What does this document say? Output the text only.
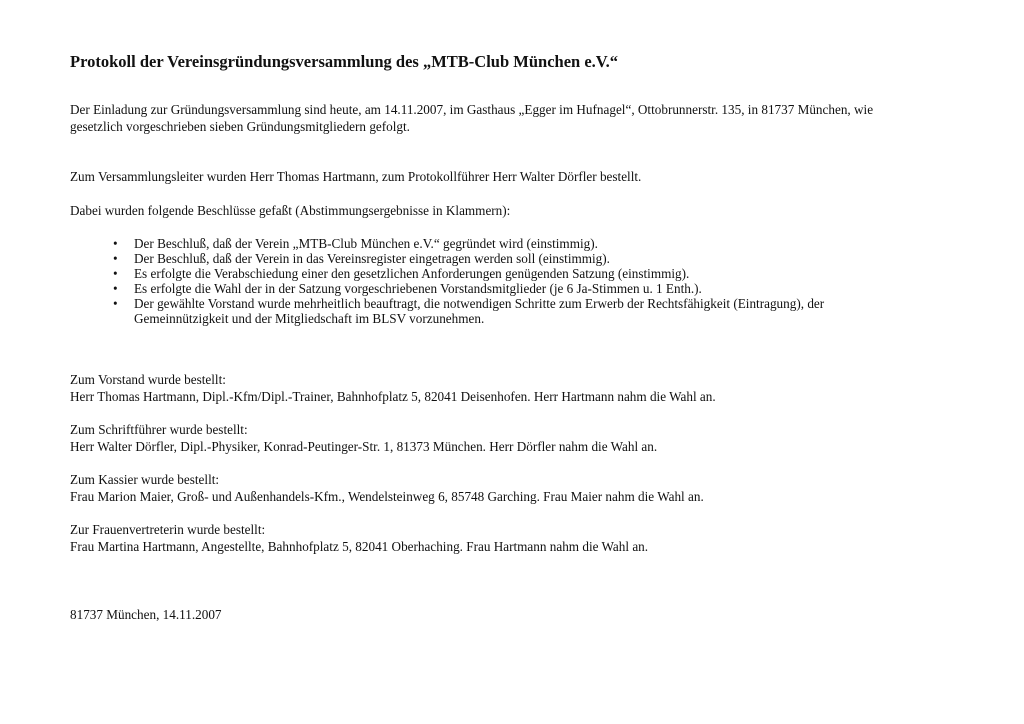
Protokoll der Vereinsgründungsversammlung des „MTB-Club München e.V.“
Der Einladung zur Gründungsversammlung sind heute, am 14.11.2007, im Gasthaus „Egger im Hufnagel“, Ottobrunnerstr. 135, in 81737 München, wie
gesetzlich vorgeschrieben sieben Gründungsmitgliedern gefolgt.
Zum Versammlungsleiter wurden Herr Thomas Hartmann, zum Protokollführer Herr Walter Dörfler bestellt.
Dabei wurden folgende Beschlüsse gefaßt (Abstimmungsergebnisse in Klammern):
• Der Beschluß, daß der Verein „MTB-Club München e.V.“ gegründet wird (einstimmig).
• Der Beschluß, daß der Verein in das Vereinsregister eingetragen werden soll (einstimmig).
• Es erfolgte die Verabschiedung einer den gesetzlichen Anforderungen genügenden Satzung (einstimmig).
• Es erfolgte die Wahl der in der Satzung vorgeschriebenen Vorstandsmitglieder (je 6 Ja-Stimmen u. 1 Enth.).
• Der gewählte Vorstand wurde mehrheitlich beauftragt, die notwendigen Schritte zum Erwerb der Rechtsfähigkeit (Eintragung), der
Gemeinnützigkeit und der Mitgliedschaft im BLSV vorzunehmen.
Zum Vorstand wurde bestellt:
Herr Thomas Hartmann, Dipl.-Kfm/Dipl.-Trainer, Bahnhofplatz 5, 82041 Deisenhofen. Herr Hartmann nahm die Wahl an.
Zum Schriftführer wurde bestellt:
Herr Walter Dörfler, Dipl.-Physiker, Konrad-Peutinger-Str. 1, 81373 München. Herr Dörfler nahm die Wahl an.
Zum Kassier wurde bestellt:
Frau Marion Maier, Groß- und Außenhandels-Kfm., Wendelsteinweg 6, 85748 Garching. Frau Maier nahm die Wahl an.
Zur Frauenvertreterin wurde bestellt:
Frau Martina Hartmann, Angestellte, Bahnhofplatz 5, 82041 Oberhaching. Frau Hartmann nahm die Wahl an.
81737 München, 14.11.2007
